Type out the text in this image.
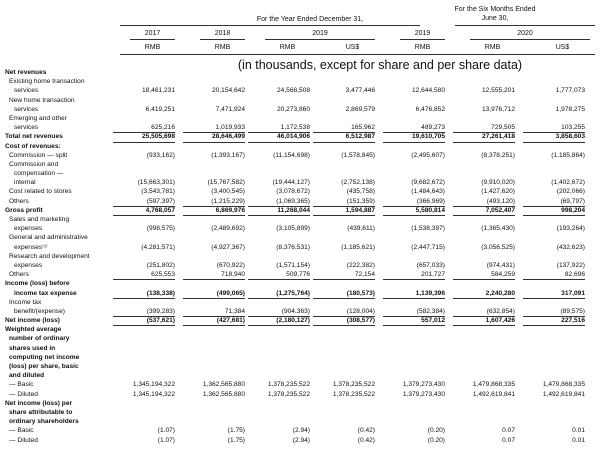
For the Year Ended December 31,
For the Six Months Ended
June 30,
2017	2018	2019	2019	2020
RMB	RMB	RMB	US$	RMB	RMB	US$
(in thousands, except for share and per share data)
Net revenues
Existing home transaction
services	18,461,231	20,154,642	24,568,508	3,477,446	12,644,580	12,555,201	1,777,073
New home transaction
services	6,419,251	7,471,924	20,273,860	2,869,579	6,476,852	13,976,712	1,978,275
Emerging and other
services	625,216	1,019,933	1,172,538	165,962	489,273	729,505	103,255
Total net revenues	25,505,698	28,646,499	46,014,906	6,512,987	19,610,705	27,261,418	3,858,603
Cost of revenues:
Commission — split	(933,162)	(1,393,167)	(11,154,698)	(1,578,845)	(2,495,607)	(8,378,251)	(1,185,864)
Commission and
compensation —
internal	(15,663,301)	(15,767,582)	(19,444,127)	(2,752,138)	(9,682,672)	(9,910,020)	(1,402,672)
Cost related to stores	(3,543,781)	(3,400,545)	(3,078,672)	(435,758)	(1,484,643)	(1,427,620)	(202,066)
Others	(597,397)	(1,215,229)	(1,069,365)	(151,359)	(366,969)	(493,120)	(69,797)
Gross profit	4,768,057	6,869,976	11,268,044	1,594,887	5,580,814	7,052,407	998,204
Sales and marketing
expenses	(998,575)	(2,489,692)	(3,105,899)	(439,611)	(1,538,397)	(1,365,430)	(193,264)
General and administrative
expenses⁽¹⁾	(4,281,571)	(4,927,367)	(8,376,531)	(1,185,621)	(2,447,715)	(3,056,525)	(432,623)
Research and development
expenses	(251,802)	(670,922)	(1,571,154)	(222,382)	(657,033)	(974,431)	(137,922)
Others	625,553	718,940	509,776	72,154	201,727	584,259	82,696
Income (loss) before
income tax expense	(138,338)	(499,065)	(1,275,764)	(180,573)	1,139,396	2,240,280	317,091
Income tax
benefit/(expense)	(399,283)	71,384	(904,363)	(128,004)	(582,384)	(632,854)	(89,575)
Net income (loss)	(537,621)	(427,681)	(2,180,127)	(308,577)	557,012	1,607,426	227,516
Weighted average
number of ordinary
shares used in
computing net income
(loss) per share, basic
and diluted
— Basic	1,345,194,322	1,362,565,880	1,378,235,522	1,378,235,522	1,379,273,430	1,479,868,335	1,479,868,335
— Diluted	1,345,194,322	1,362,565,880	1,378,235,522	1,378,235,522	1,379,273,430	1,492,619,841	1,492,619,841
Net income (loss) per
share attributable to
ordinary shareholders
— Basic	(1.07)	(1.75)	(2.94)	(0.42)	(0.20)	0.07	0.01
— Diluted	(1.07)	(1.75)	(2.94)	(0.42)	(0.20)	0.07	0.01
